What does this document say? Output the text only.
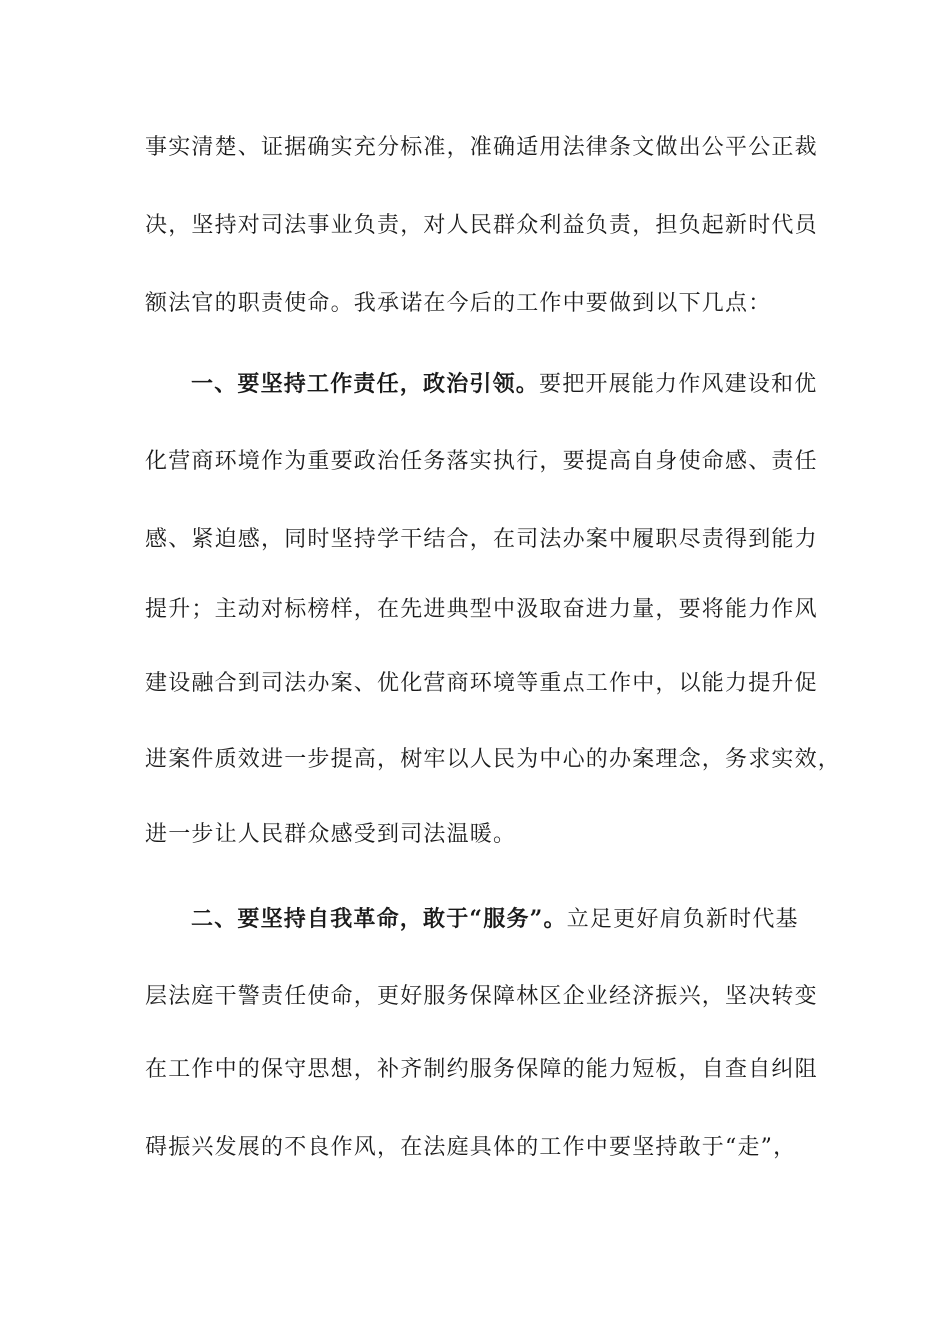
事实清楚、证据确实充分标准，准确适用法律条文做出公平公正裁
决，坚持对司法事业负责，对人民群众利益负责，担负起新时代员
额法官的职责使命。我承诺在今后的工作中要做到以下几点：
一、要坚持工作责任，政治引领。要把开展能力作风建设和优
化营商环境作为重要政治任务落实执行，要提高自身使命感、责任
感、紧迫感，同时坚持学干结合，在司法办案中履职尽责得到能力
提升；主动对标榜样，在先进典型中汲取奋进力量，要将能力作风
建设融合到司法办案、优化营商环境等重点工作中，以能力提升促
进案件质效进一步提高，树牢以人民为中心的办案理念，务求实效，
进一步让人民群众感受到司法温暖。
二、要坚持自我革命，敢于“服务”。立足更好肩负新时代基
层法庭干警责任使命，更好服务保障林区企业经济振兴，坚决转变
在工作中的保守思想，补齐制约服务保障的能力短板，自查自纠阻
碍振兴发展的不良作风，在法庭具体的工作中要坚持敢于“走”，
